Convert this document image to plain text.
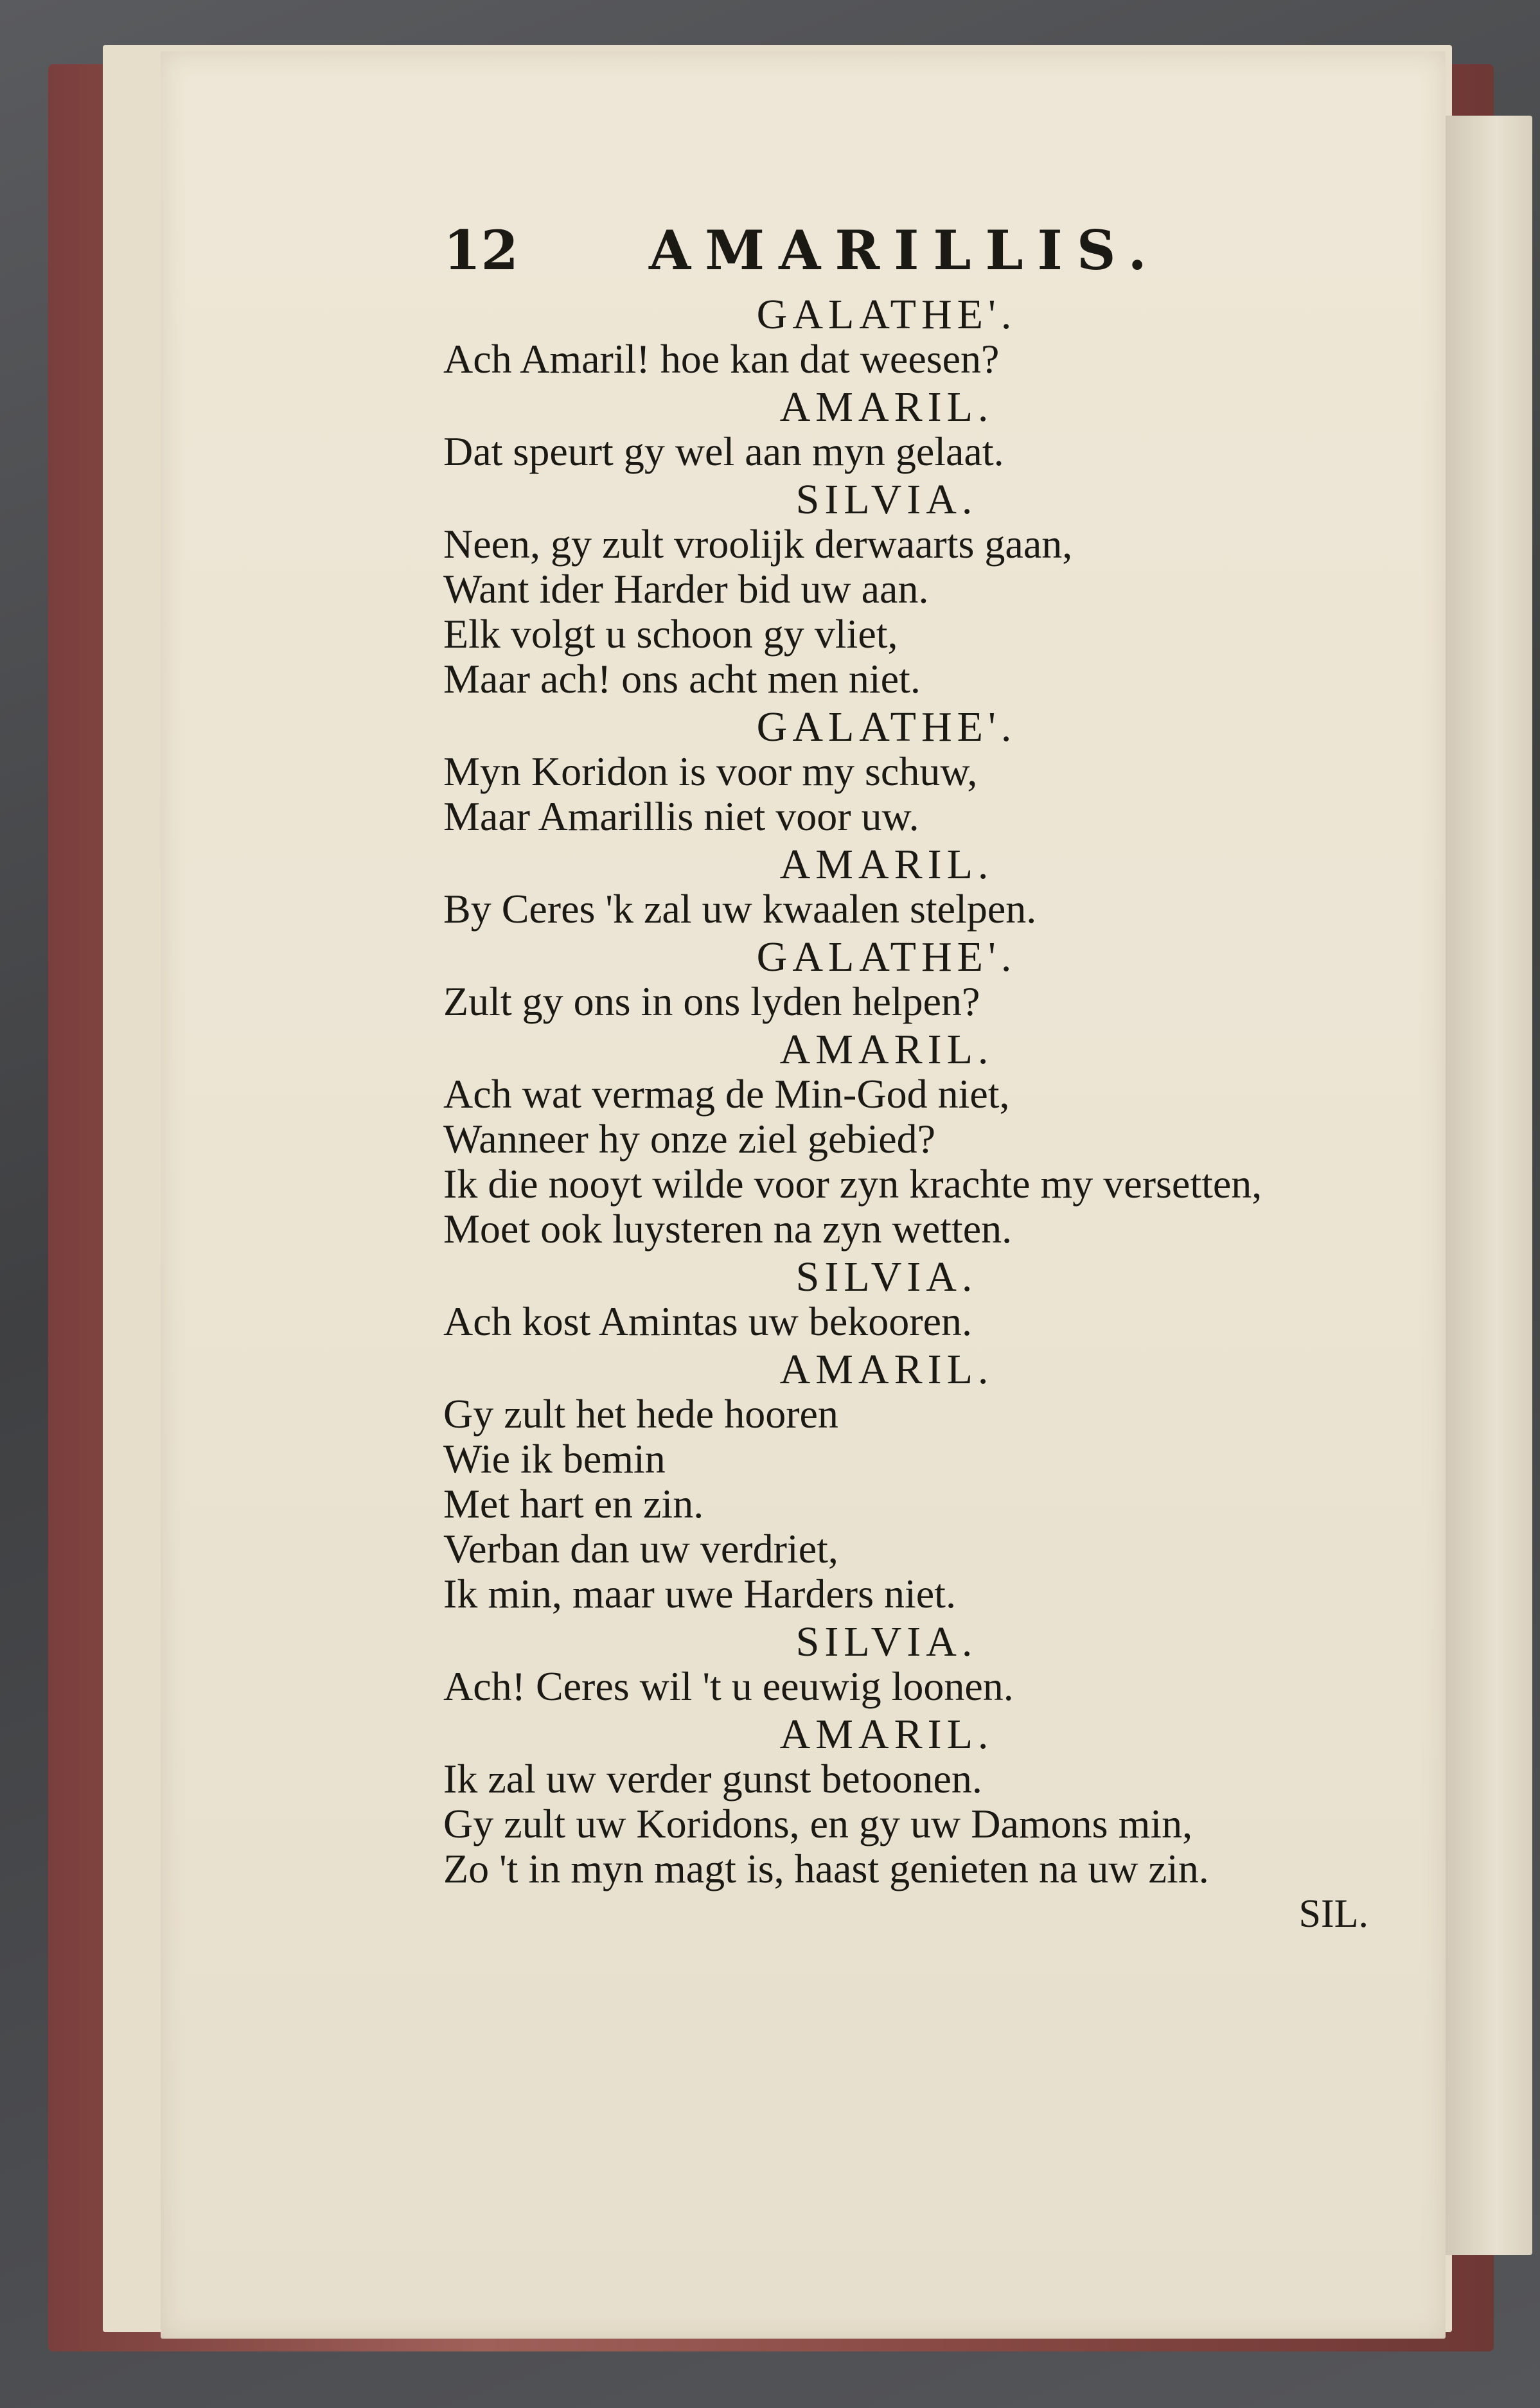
12 AMARILLIS.
GALATHE'.
Ach Amaril! hoe kan dat weesen?
AMARIL.
Dat speurt gy wel aan myn gelaat.
SILVIA.
Neen, gy zult vroolijk derwaarts gaan,
Want ider Harder bid uw aan.
Elk volgt u schoon gy vliet,
Maar ach! ons acht men niet.
GALATHE'.
Myn Koridon is voor my schuw,
Maar Amarillis niet voor uw.
AMARIL.
By Ceres 'k zal uw kwaalen stelpen.
GALATHE'.
Zult gy ons in ons lyden helpen?
AMARIL.
Ach wat vermag de Min-God niet,
Wanneer hy onze ziel gebied?
Ik die nooyt wilde voor zyn krachte my versetten,
Moet ook luysteren na zyn wetten.
SILVIA.
Ach kost Amintas uw bekooren.
AMARIL.
Gy zult het hede hooren
Wie ik bemin
Met hart en zin.
Verban dan uw verdriet,
Ik min, maar uwe Harders niet.
SILVIA.
Ach! Ceres wil 't u eeuwig loonen.
AMARIL.
Ik zal uw verder gunst betoonen.
Gy zult uw Koridons, en gy uw Damons min,
Zo 't in myn magt is, haast genieten na uw zin.
SIL.
